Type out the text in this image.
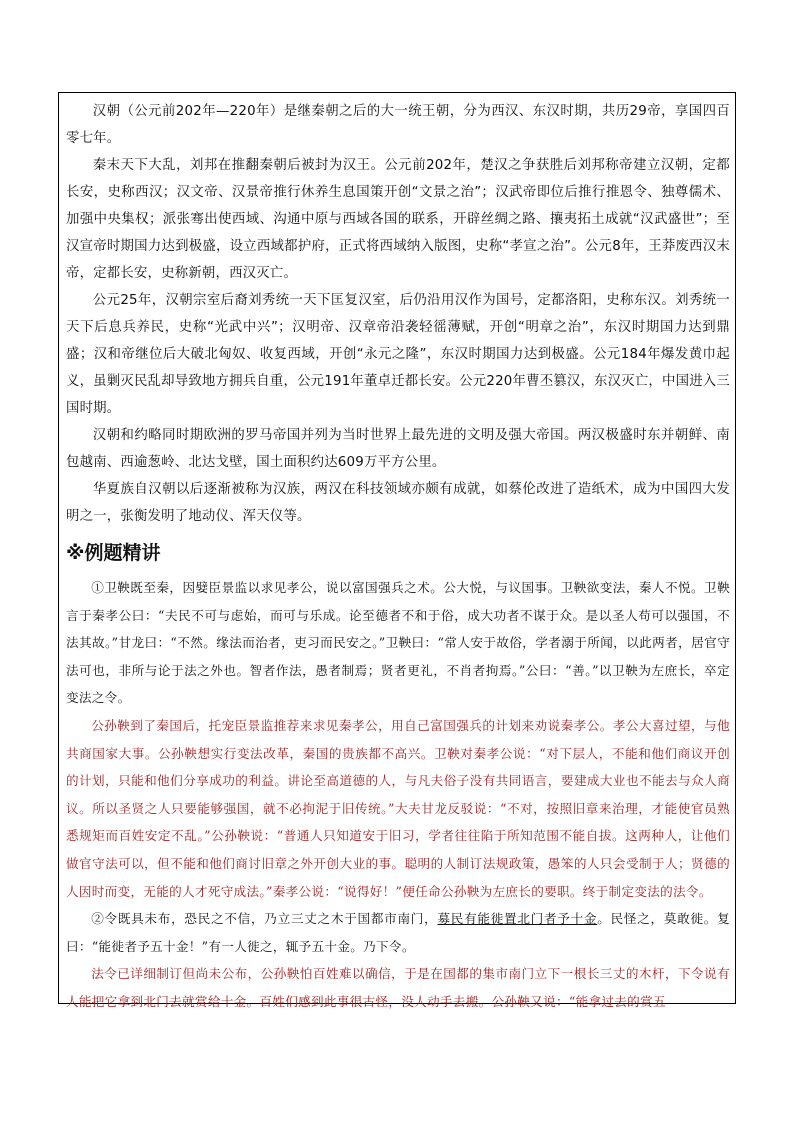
汉朝（公元前202年—220年）是继秦朝之后的大一统王朝，分为西汉、东汉时期，共历29帝，享国四百零七年。

秦末天下大乱，刘邦在推翻秦朝后被封为汉王。公元前202年，楚汉之争获胜后刘邦称帝建立汉朝，定都长安，史称西汉；汉文帝、汉景帝推行休养生息国策开创“文景之治”；汉武帝即位后推行推恩令、独尊儒术、加强中央集权；派张骞出使西域、沟通中原与西域各国的联系，开辟丝绸之路、攘夷拓土成就“汉武盛世”；至汉宣帝时期国力达到极盛，设立西域都护府，正式将西域纳入版图，史称“孝宣之治”。公元8年，王莽废西汉末帝，定都长安，史称新朝，西汉灭亡。

公元25年，汉朝宗室后裔刘秀统一天下匡复汉室，后仍沿用汉作为国号，定都洛阳，史称东汉。刘秀统一天下后息兵养民，史称“光武中兴”；汉明帝、汉章帝沿袭轻徭薄赋，开创“明章之治”，东汉时期国力达到鼎盛；汉和帝继位后大破北匈奴、收复西域，开创“永元之隆”，东汉时期国力达到极盛。公元184年爆发黄巾起义，虽剿灭民乱却导致地方拥兵自重，公元191年董卓迁都长安。公元220年曹丕篡汉，东汉灭亡，中国进入三国时期。

汉朝和约略同时期欧洲的罗马帝国并列为当时世界上最先进的文明及强大帝国。两汉极盛时东并朝鲜、南包越南、西逾葱岭、北达戈壁，国土面积约达609万平方公里。

华夏族自汉朝以后逐渐被称为汉族，两汉在科技领域亦颇有成就，如蔡伦改进了造纸术，成为中国四大发明之一，张衡发明了地动仪、浑天仪等。

※例题精讲

①卫鞅既至秦，因嬖臣景监以求见孝公，说以富国强兵之术。公大悦，与议国事。卫鞅欲变法，秦人不悦。卫鞅言于秦孝公曰：“夫民不可与虑始，而可与乐成。论至德者不和于俗，成大功者不谋于众。是以圣人苟可以强国，不法其故。”甘龙曰：“不然。缘法而治者，吏习而民安之。”卫鞅曰：“常人安于故俗，学者溺于所闻，以此两者，居官守法可也，非所与论于法之外也。智者作法，愚者制焉；贤者更礼，不肖者拘焉。”公曰：“善。”以卫鞅为左庶长，卒定变法之令。

公孙鞅到了秦国后，托宠臣景监推荐来求见秦孝公，用自己富国强兵的计划来劝说秦孝公。孝公大喜过望，与他共商国家大事。公孙鞅想实行变法改革，秦国的贵族都不高兴。卫鞅对秦孝公说：“对下层人，不能和他们商议开创的计划，只能和他们分享成功的利益。讲论至高道德的人，与凡夫俗子没有共同语言，要建成大业也不能去与众人商议。所以圣贤之人只要能够强国，就不必拘泥于旧传统。”大夫甘龙反驳说：“不对，按照旧章来治理，才能使官员熟悉规矩而百姓安定不乱。”公孙鞅说：“普通人只知道安于旧习，学者往往陷于所知范围不能自拔。这两种人，让他们做官守法可以，但不能和他们商讨旧章之外开创大业的事。聪明的人制订法规政策，愚笨的人只会受制于人；贤德的人因时而变，无能的人才死守成法。”秦孝公说：“说得好！”便任命公孙鞅为左庶长的要职。终于制定变法的法令。

②令既具未布，恐民之不信，乃立三丈之木于国都市南门，募民有能徙置北门者予十金。民怪之，莫敢徙。复曰：“能徙者予五十金！”有一人徙之，辄予五十金。乃下令。

法令已详细制订但尚未公布，公孙鞅怕百姓难以确信，于是在国都的集市南门立下一根长三丈的木杆，下令说有人能把它拿到北门去就赏给十金。百姓们感到此事很古怪，没人动手去搬。公孙鞅又说：“能拿过去的赏五
